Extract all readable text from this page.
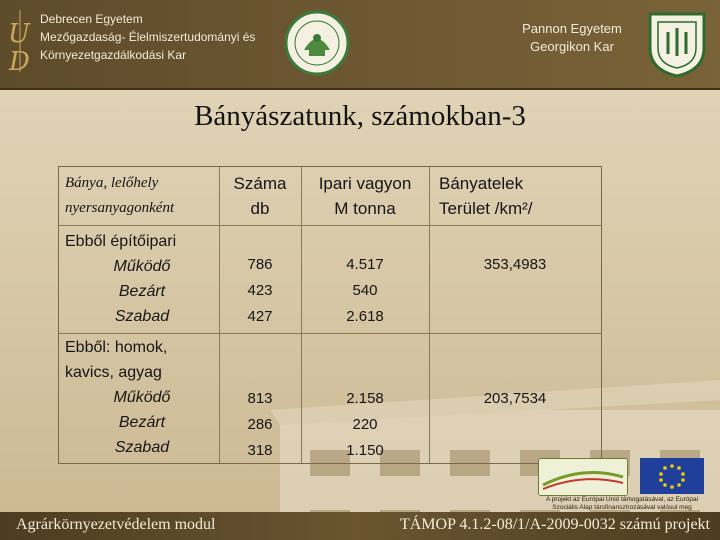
U
D
Debrecen Egyetem
Mezőgazdaság- Élelmiszertudományi és
Környezetgazdálkodási Kar
Pannon Egyetem
Georgikon Kar
Bányászatunk, számokban-3
Bánya, lelőhely
nyersanyagonként
Száma
db
Ipari vagyon
M tonna
Bányatelek
Terület /km²/
Ebből építőipari
Működő
Bezárt
Szabad
786
423
427
4.517
540
2.618
353,4983
Ebből: homok,
kavics, agyag
Működő
Bezárt
Szabad
813
286
318
2.158
220
1.150
203,7534
A projekt az Európai Unió támogatásával, az Európai
Szociális Alap társfinanszírozásával valósul meg
Agrárkörnyezetvédelem modul	TÁMOP 4.1.2-08/1/A-2009-0032 számú projekt
